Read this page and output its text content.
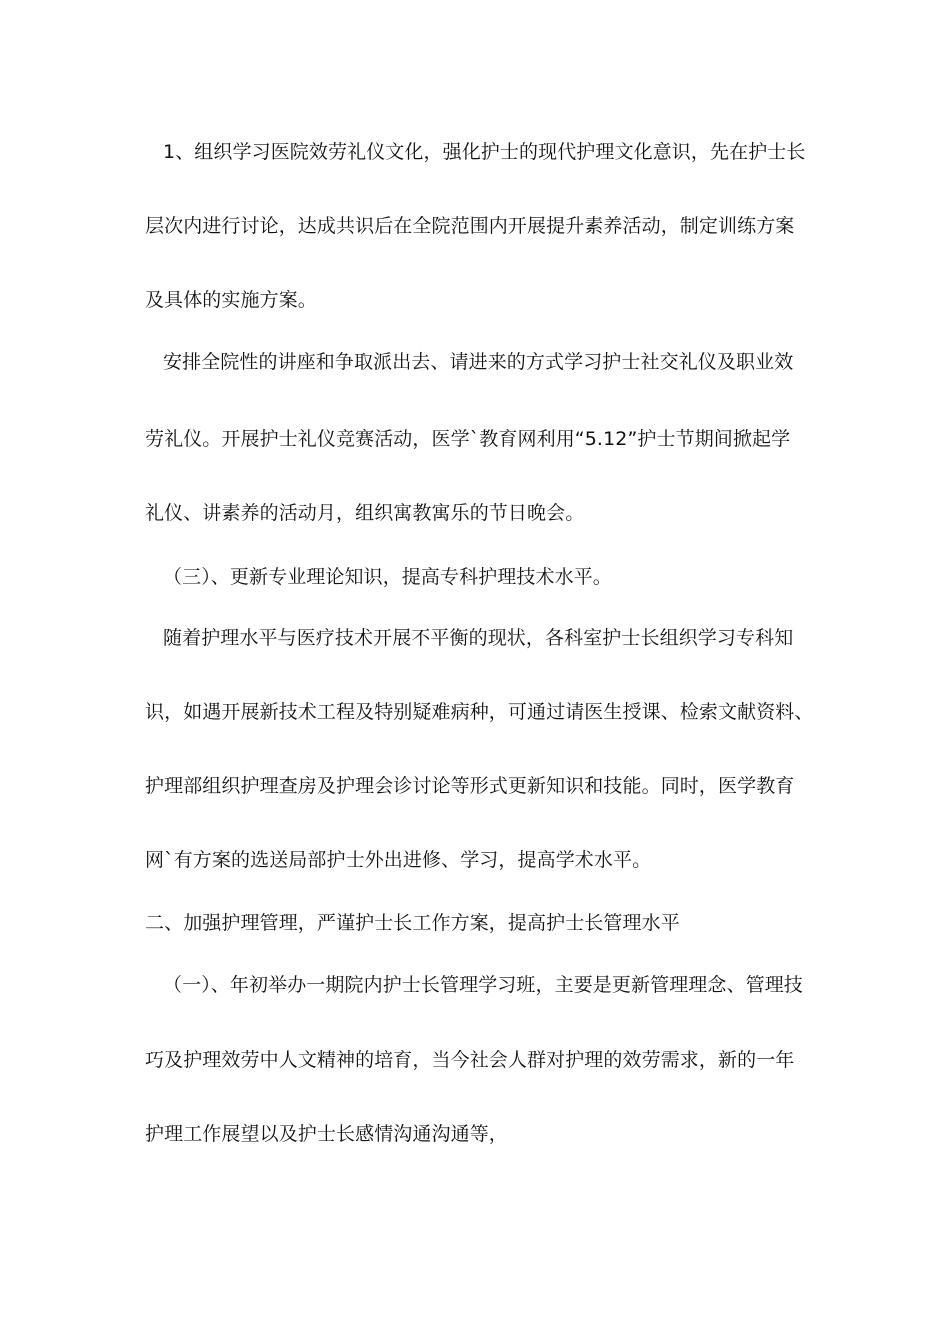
1、组织学习医院效劳礼仪文化，强化护士的现代护理文化意识，先在护士长
层次内进行讨论，达成共识后在全院范围内开展提升素养活动，制定训练方案
及具体的实施方案。
安排全院性的讲座和争取派出去、请进来的方式学习护士社交礼仪及职业效
劳礼仪。开展护士礼仪竞赛活动，医学`教育网利用“5.12”护士节期间掀起学
礼仪、讲素养的活动月，组织寓教寓乐的节日晚会。
（三）、更新专业理论知识，提高专科护理技术水平。
随着护理水平与医疗技术开展不平衡的现状，各科室护士长组织学习专科知
识，如遇开展新技术工程及特别疑难病种，可通过请医生授课、检索文献资料、
护理部组织护理查房及护理会诊讨论等形式更新知识和技能。同时，医学教育
网`有方案的选送局部护士外出进修、学习，提高学术水平。
二、加强护理管理，严谨护士长工作方案，提高护士长管理水平
（一）、年初举办一期院内护士长管理学习班，主要是更新管理理念、管理技
巧及护理效劳中人文精神的培育，当今社会人群对护理的效劳需求，新的一年
护理工作展望以及护士长感情沟通沟通等，
